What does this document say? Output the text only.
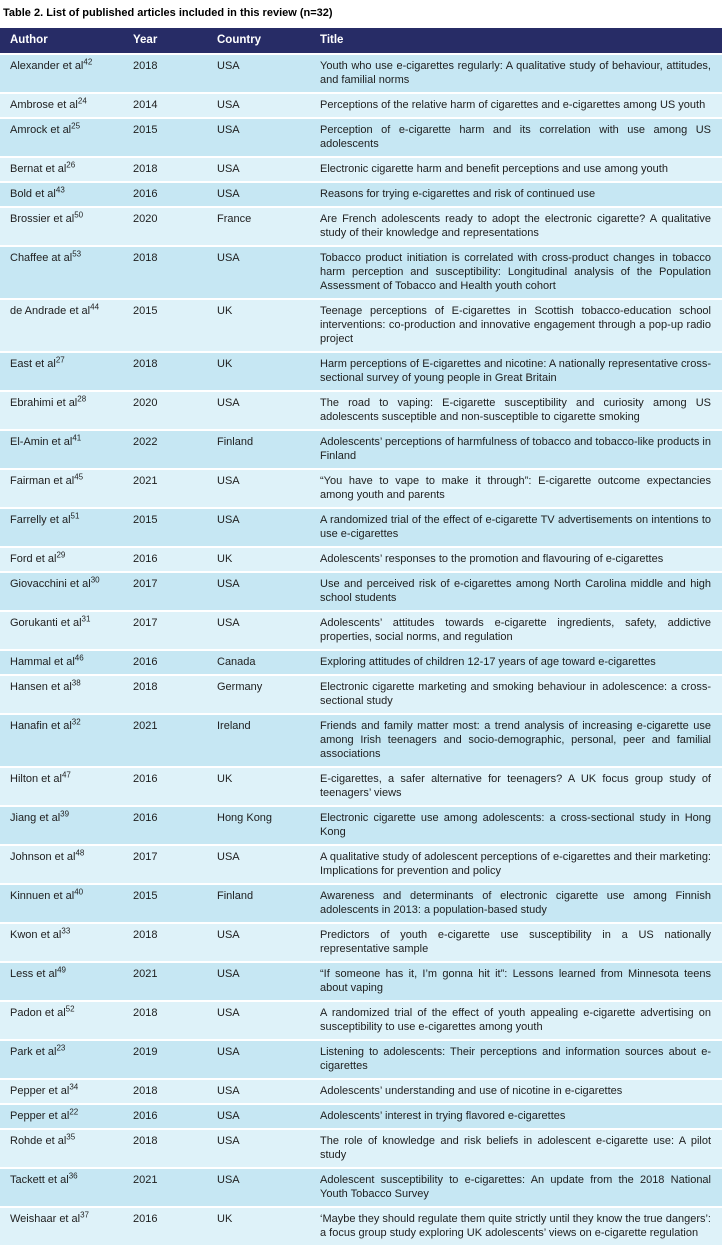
Table 2. List of published articles included in this review (n=32)
Author	Year	Country	Title
Alexander et $al^{42}$	2018	USA	Youth who use e-cigarettes regularly: A qualitative study of behaviour, attitudes, and familial norms
Ambrose et $al^{24}$	2014	USA	Perceptions of the relative harm of cigarettes and e-cigarettes among US youth
Amrock et $al^{25}$	2015	USA	Perception of e-cigarette harm and its correlation with use among US adolescents
Bernat et $al^{26}$	2018	USA	Electronic cigarette harm and benefit perceptions and use among youth
Bold et $al^{43}$	2016	USA	Reasons for trying e-cigarettes and risk of continued use
Brossier et $al^{50}$	2020	France	Are French adolescents ready to adopt the electronic cigarette? A qualitative study of their knowledge and representations
Chaffee at $al^{53}$	2018	USA	Tobacco product initiation is correlated with cross-product changes in tobacco harm perception and susceptibility: Longitudinal analysis of the Population Assessment of Tobacco and Health youth cohort
de Andrade et $al^{44}$	2015	UK	Teenage perceptions of E-cigarettes in Scottish tobacco-education school interventions: co-production and innovative engagement through a pop-up radio project
East et $al^{27}$	2018	UK	Harm perceptions of E-cigarettes and nicotine: A nationally representative cross-sectional survey of young people in Great Britain
Ebrahimi et $al^{28}$	2020	USA	The road to vaping: E-cigarette susceptibility and curiosity among US adolescents susceptible and non-susceptible to cigarette smoking
El-Amin et $al^{41}$	2022	Finland	Adolescents’ perceptions of harmfulness of tobacco and tobacco-like products in Finland
Fairman et $al^{45}$	2021	USA	“You have to vape to make it through”: E-cigarette outcome expectancies among youth and parents
Farrelly et $al^{51}$	2015	USA	A randomized trial of the effect of e-cigarette TV advertisements on intentions to use e-cigarettes
Ford et $al^{29}$	2016	UK	Adolescents’ responses to the promotion and flavouring of e-cigarettes
Giovacchini et $al^{30}$	2017	USA	Use and perceived risk of e-cigarettes among North Carolina middle and high school students
Gorukanti et $al^{31}$	2017	USA	Adolescents’ attitudes towards e-cigarette ingredients, safety, addictive properties, social norms, and regulation
Hammal et $al^{46}$	2016	Canada	Exploring attitudes of children 12-17 years of age toward e-cigarettes
Hansen et $al^{38}$	2018	Germany	Electronic cigarette marketing and smoking behaviour in adolescence: a cross-sectional study
Hanafin et $al^{32}$	2021	Ireland	Friends and family matter most: a trend analysis of increasing e-cigarette use among Irish teenagers and socio-demographic, personal, peer and familial associations
Hilton et $al^{47}$	2016	UK	E-cigarettes, a safer alternative for teenagers? A UK focus group study of teenagers’ views
Jiang et $al^{39}$	2016	Hong Kong	Electronic cigarette use among adolescents: a cross-sectional study in Hong Kong
Johnson et $al^{48}$	2017	USA	A qualitative study of adolescent perceptions of e-cigarettes and their marketing: Implications for prevention and policy
Kinnuen et $al^{40}$	2015	Finland	Awareness and determinants of electronic cigarette use among Finnish adolescents in 2013: a population-based study
Kwon et $al^{33}$	2018	USA	Predictors of youth e-cigarette use susceptibility in a US nationally representative sample
Less et $al^{49}$	2021	USA	“If someone has it, I’m gonna hit it”: Lessons learned from Minnesota teens about vaping
Padon et $al^{52}$	2018	USA	A randomized trial of the effect of youth appealing e-cigarette advertising on susceptibility to use e-cigarettes among youth
Park et $al^{23}$	2019	USA	Listening to adolescents: Their perceptions and information sources about e-cigarettes
Pepper et $al^{34}$	2018	USA	Adolescents’ understanding and use of nicotine in e-cigarettes
Pepper et $al^{22}$	2016	USA	Adolescents’ interest in trying flavored e-cigarettes
Rohde et $al^{35}$	2018	USA	The role of knowledge and risk beliefs in adolescent e-cigarette use: A pilot study
Tackett et $al^{36}$	2021	USA	Adolescent susceptibility to e-cigarettes: An update from the 2018 National Youth Tobacco Survey
Weishaar et $al^{37}$	2016	UK	‘Maybe they should regulate them quite strictly until they know the true dangers’: a focus group study exploring UK adolescents’ views on e-cigarette regulation
